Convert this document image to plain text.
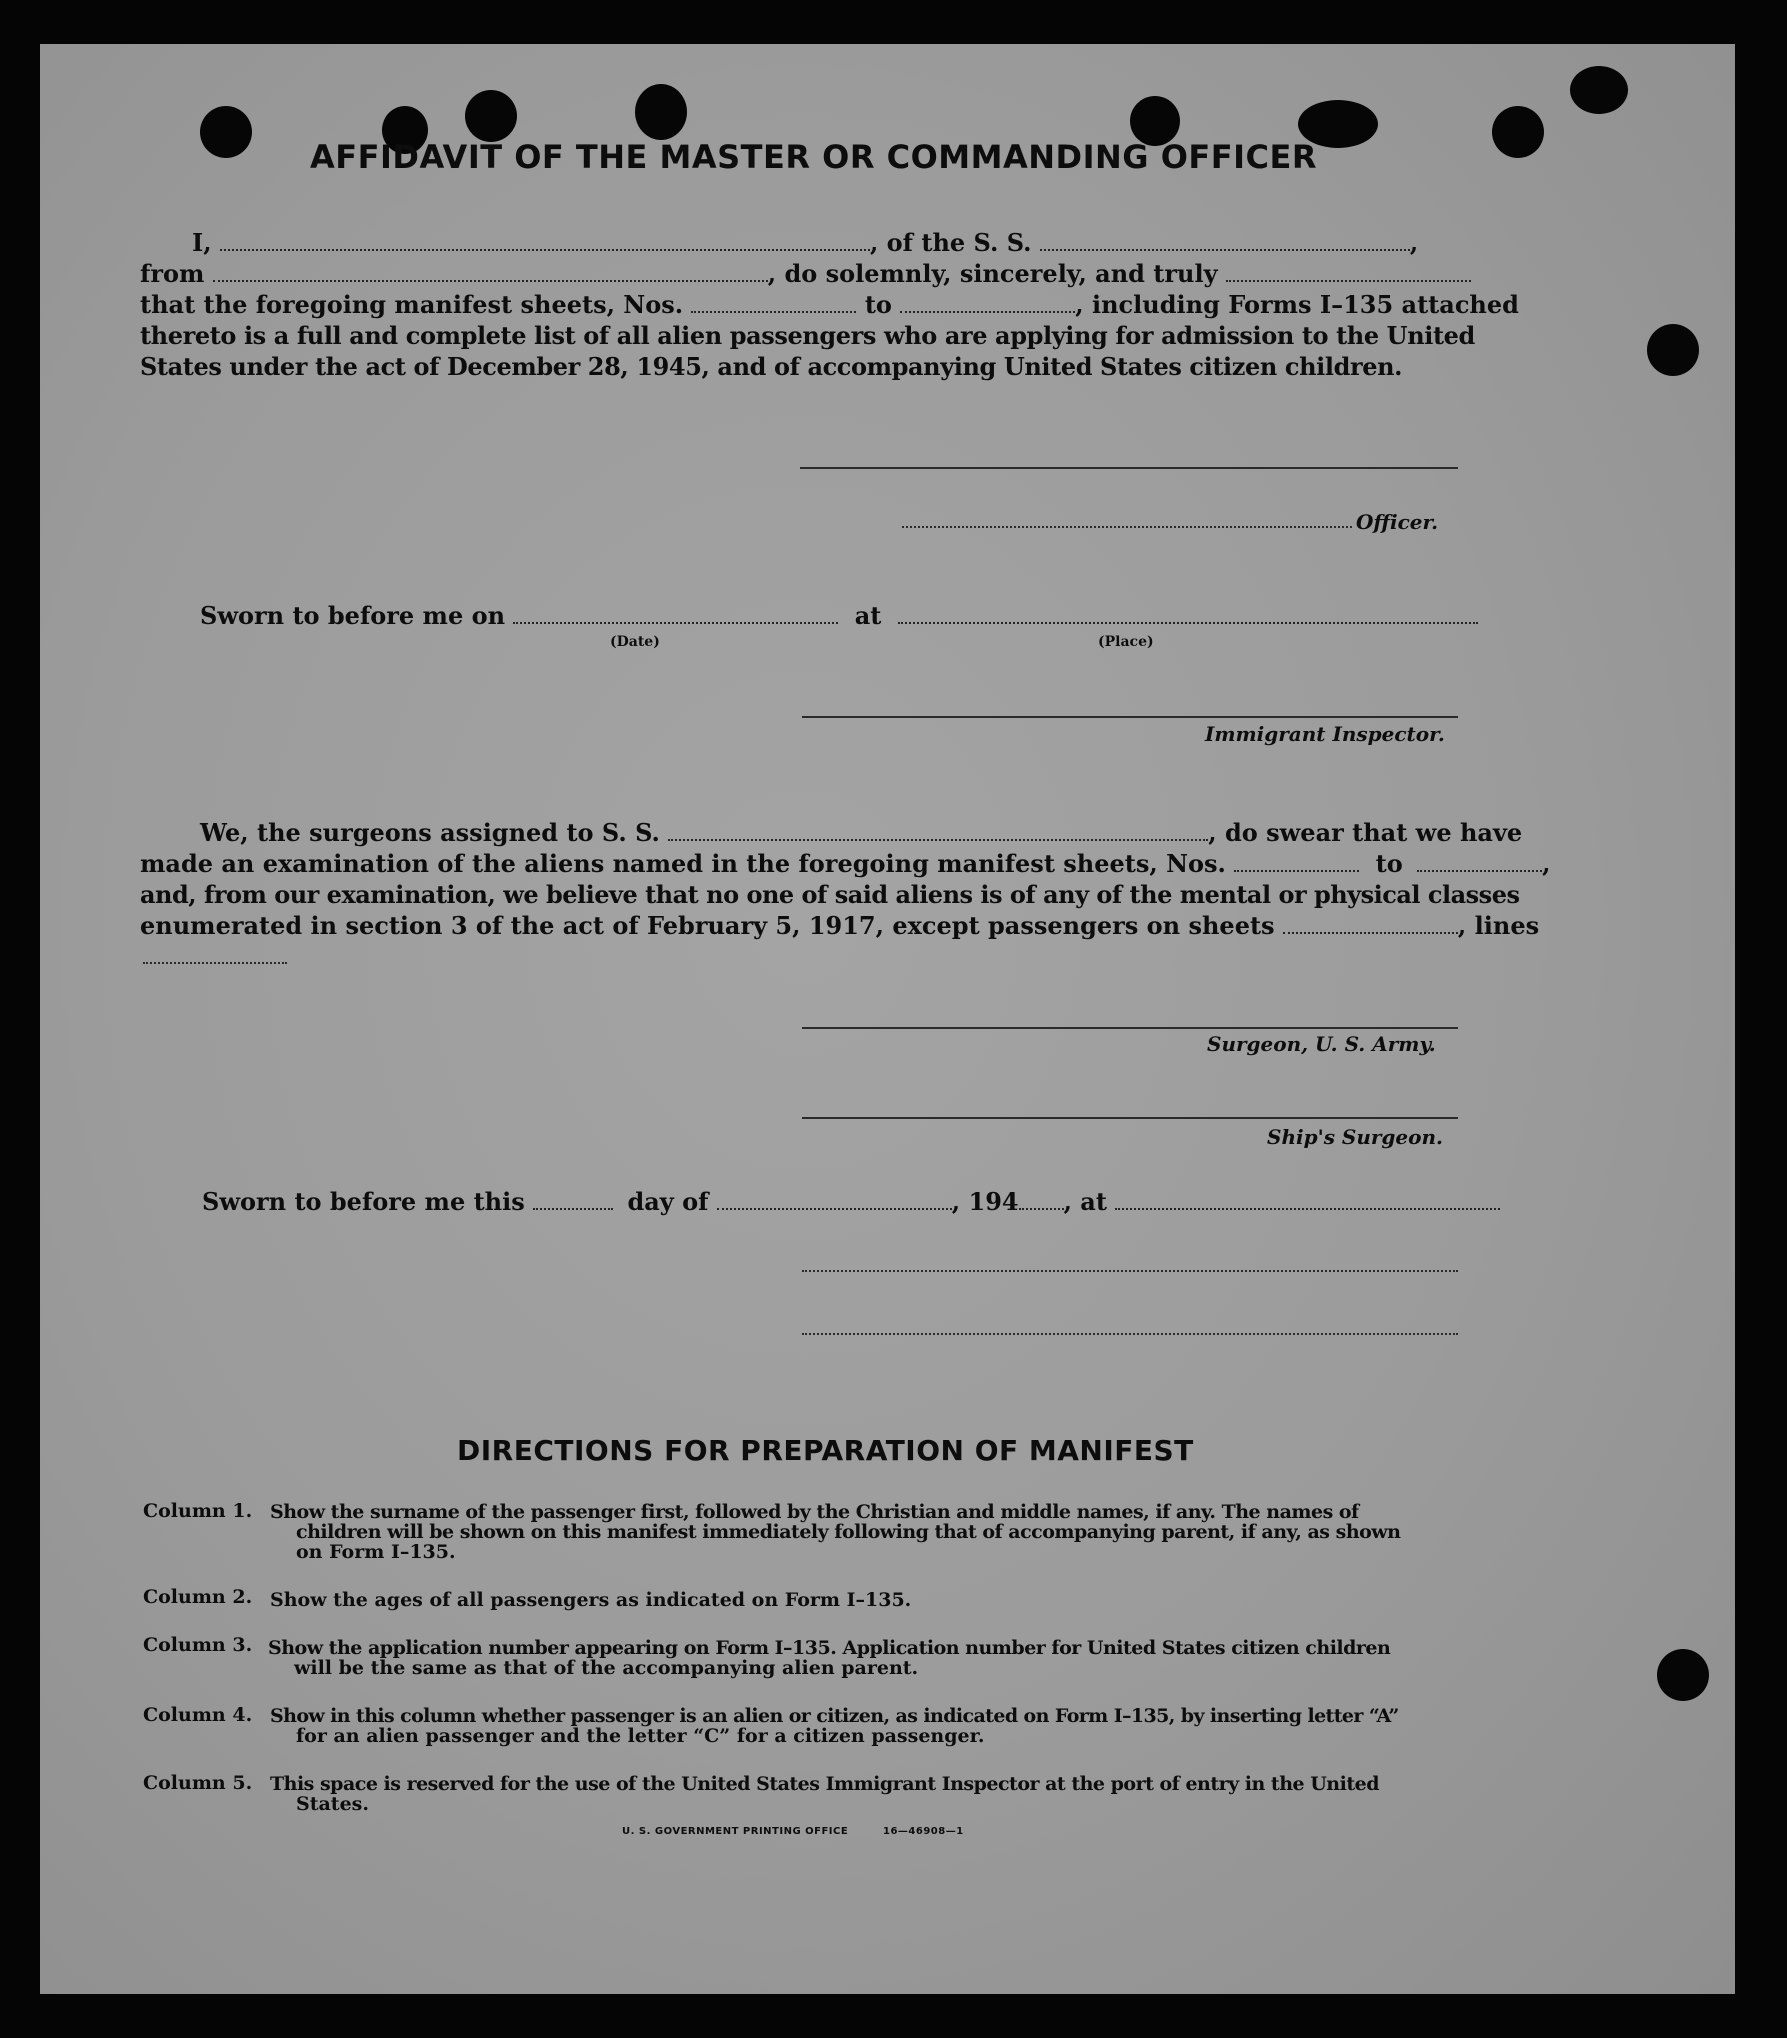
AFFIDAVIT OF THE MASTER OR COMMANDING OFFICER
I,	, of the S. S.	,
from	, do solemnly, sincerely, and truly
that the foregoing manifest sheets, Nos.	to	, including Forms I–135 attached
thereto is a full and complete list of all alien passengers who are applying for admission to the United
States under the act of December 28, 1945, and of accompanying United States citizen children.
Officer.
Sworn to before me on	at
(Date)	(Place)
Immigrant Inspector.
We, the surgeons assigned to S. S.	, do swear that we have
made an examination of the aliens named in the foregoing manifest sheets, Nos.	to	,
and, from our examination, we believe that no one of said aliens is of any of the mental or physical classes
enumerated in section 3 of the act of February 5, 1917, except passengers on sheets	, lines
Surgeon, U. S. Army.
Ship's Surgeon.
Sworn to before me this	day of	, 194 , at
DIRECTIONS FOR PREPARATION OF MANIFEST
Column 1. Show the surname of the passenger first, followed by the Christian and middle names, if any. The names of
children will be shown on this manifest immediately following that of accompanying parent, if any, as shown
on Form I–135.
Column 2. Show the ages of all passengers as indicated on Form I–135.
Column 3. Show the application number appearing on Form I–135. Application number for United States citizen children
will be the same as that of the accompanying alien parent.
Column 4. Show in this column whether passenger is an alien or citizen, as indicated on Form I–135, by inserting letter “A”
for an alien passenger and the letter “C” for a citizen passenger.
Column 5. This space is reserved for the use of the United States Immigrant Inspector at the port of entry in the United
States.
U. S. GOVERNMENT PRINTING OFFICE	16—46908—1
